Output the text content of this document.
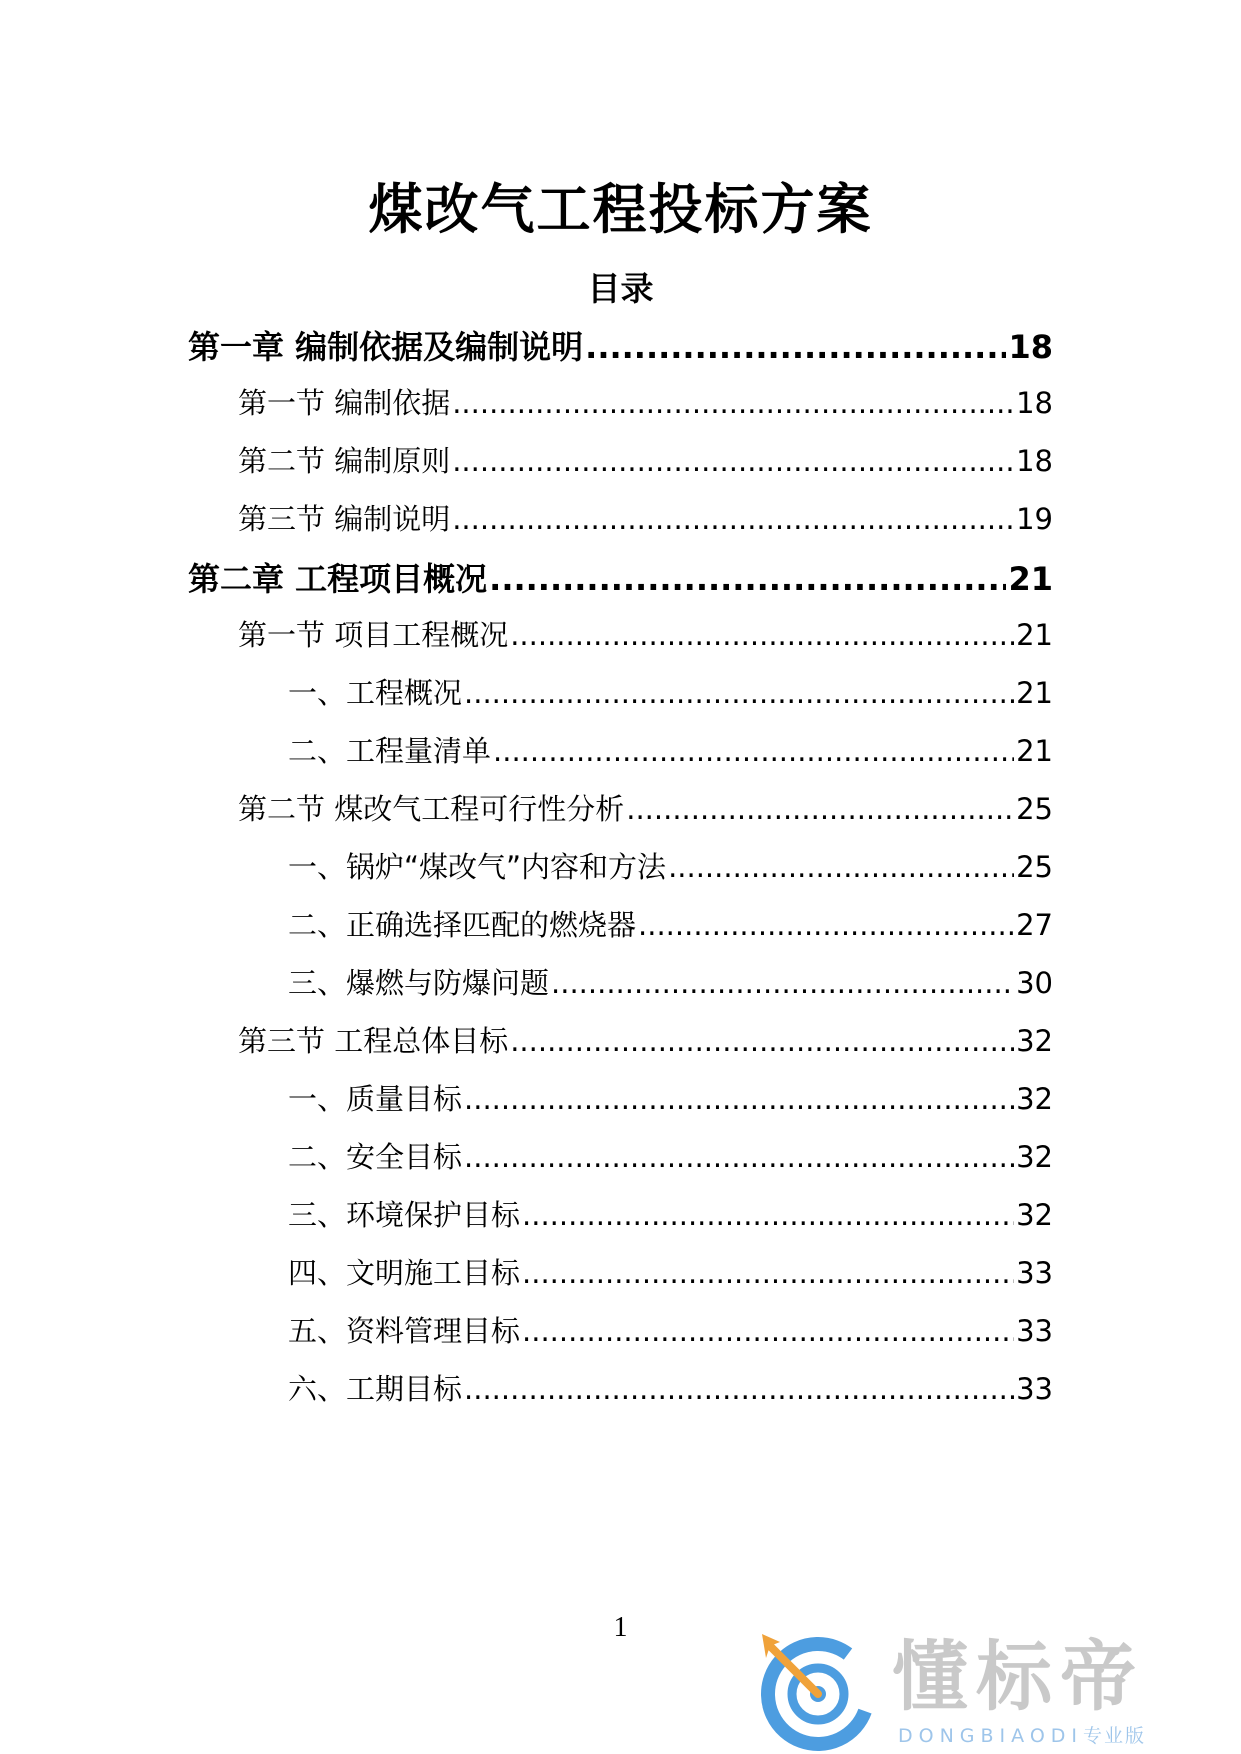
煤改气工程投标方案
目录
第一章 编制依据及编制说明 .....	18
第一节 编制依据 .....	18
第二节 编制原则 .....	18
第三节 编制说明 .....	19
第二章 工程项目概况 .....	21
第一节 项目工程概况 .....	21
一、工程概况 .....	21
二、工程量清单 .....	21
第二节 煤改气工程可行性分析 .....	25
一、锅炉“煤改气”内容和方法 .....	25
二、正确选择匹配的燃烧器 .....	27
三、爆燃与防爆问题 .....	30
第三节 工程总体目标 .....	32
一、质量目标 .....	32
二、安全目标 .....	32
三、环境保护目标 .....	32
四、文明施工目标 .....	33
五、资料管理目标 .....	33
六、工期目标 .....	33
1
懂标帝
DONGBIAODI专业版
